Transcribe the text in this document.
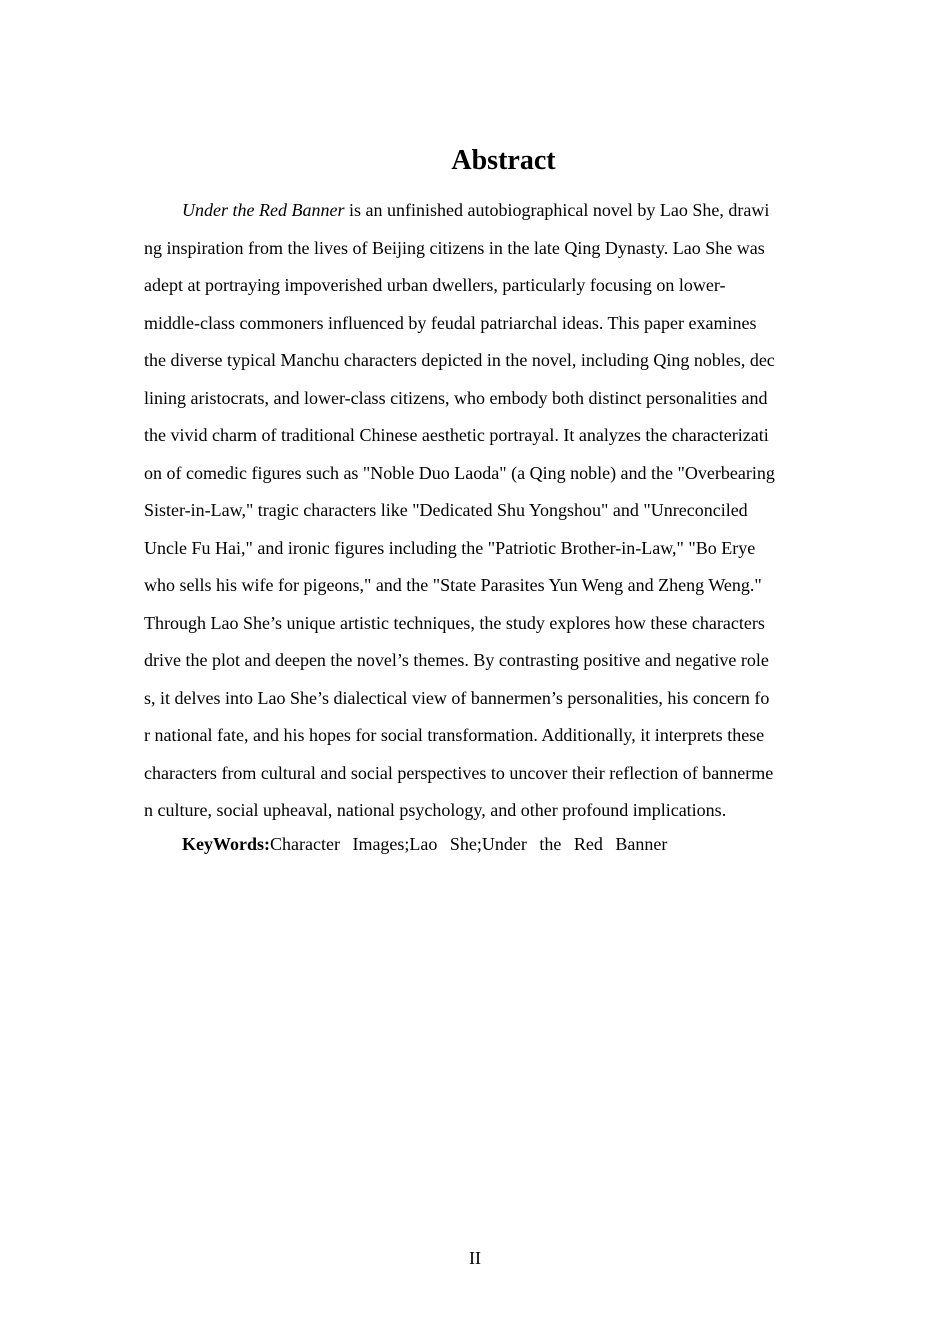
Abstract
Under the Red Banner is an unfinished autobiographical novel by Lao She, drawi
ng inspiration from the lives of Beijing citizens in the late Qing Dynasty. Lao She was
adept at portraying impoverished urban dwellers, particularly focusing on lower-
middle-class commoners influenced by feudal patriarchal ideas. This paper examines
the diverse typical Manchu characters depicted in the novel, including Qing nobles, dec
lining aristocrats, and lower-class citizens, who embody both distinct personalities and
the vivid charm of traditional Chinese aesthetic portrayal. It analyzes the characterizati
on of comedic figures such as "Noble Duo Laoda" (a Qing noble) and the "Overbearing
Sister-in-Law," tragic characters like "Dedicated Shu Yongshou" and "Unreconciled
Uncle Fu Hai," and ironic figures including the "Patriotic Brother-in-Law," "Bo Erye
who sells his wife for pigeons," and the "State Parasites Yun Weng and Zheng Weng."
Through Lao She’s unique artistic techniques, the study explores how these characters
drive the plot and deepen the novel’s themes. By contrasting positive and negative role
s, it delves into Lao She’s dialectical view of bannermen’s personalities, his concern fo
r national fate, and his hopes for social transformation. Additionally, it interprets these
characters from cultural and social perspectives to uncover their reflection of bannerme
n culture, social upheaval, national psychology, and other profound implications.

KeyWords:Character Images;Lao She;Under the Red Banner

II
